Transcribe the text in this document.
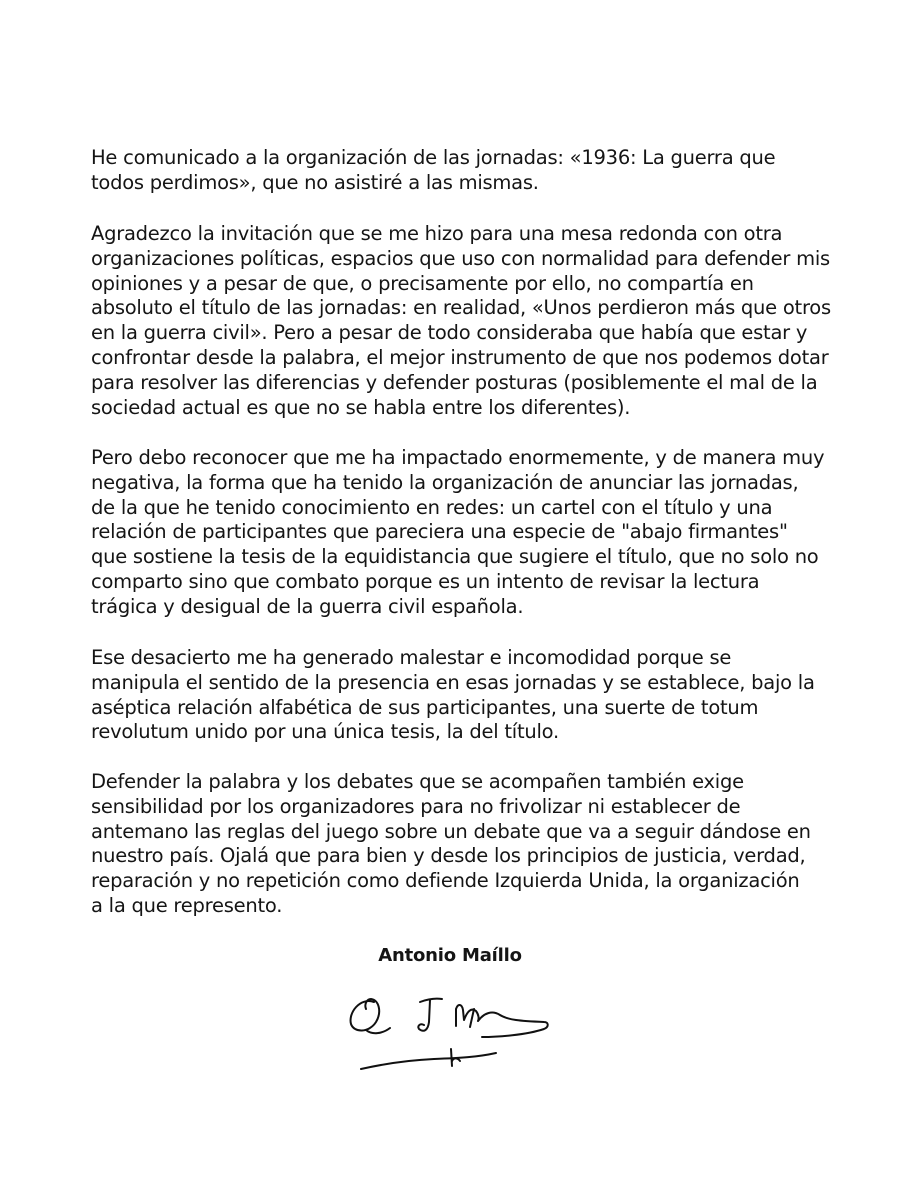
He comunicado a la organización de las jornadas: «1936: La guerra que
todos perdimos», que no asistiré a las mismas.

Agradezco la invitación que se me hizo para una mesa redonda con otra
organizaciones políticas, espacios que uso con normalidad para defender mis
opiniones y a pesar de que, o precisamente por ello, no compartía en
absoluto el título de las jornadas: en realidad, «Unos perdieron más que otros
en la guerra civil». Pero a pesar de todo consideraba que había que estar y
confrontar desde la palabra, el mejor instrumento de que nos podemos dotar
para resolver las diferencias y defender posturas (posiblemente el mal de la
sociedad actual es que no se habla entre los diferentes).

Pero debo reconocer que me ha impactado enormemente, y de manera muy
negativa, la forma que ha tenido la organización de anunciar las jornadas,
de la que he tenido conocimiento en redes: un cartel con el título y una
relación de participantes que pareciera una especie de "abajo firmantes"
que sostiene la tesis de la equidistancia que sugiere el título, que no solo no
comparto sino que combato porque es un intento de revisar la lectura
trágica y desigual de la guerra civil española.

Ese desacierto me ha generado malestar e incomodidad porque se
manipula el sentido de la presencia en esas jornadas y se establece, bajo la
aséptica relación alfabética de sus participantes, una suerte de totum
revolutum unido por una única tesis, la del título.

Defender la palabra y los debates que se acompañen también exige
sensibilidad por los organizadores para no frivolizar ni establecer de
antemano las reglas del juego sobre un debate que va a seguir dándose en
nuestro país. Ojalá que para bien y desde los principios de justicia, verdad,
reparación y no repetición como defiende Izquierda Unida, la organización
a la que represento.

Antonio Maíllo
